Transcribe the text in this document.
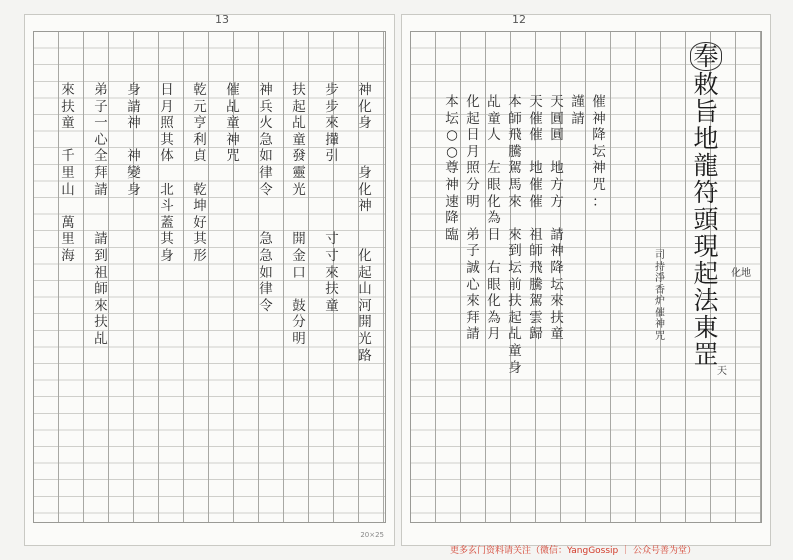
13
神
化
身

身
化
神

化
起
山
河
開
光
路
步
步
來
攆
引

寸
寸
來
扶
童
扶
起
乩
童
發
靈
光

開
金
口

鼓
分
明
神
兵
火
急
如
律
令

急
急
如
律
令
催
乩
童
神
咒
乾
元
亨
利
貞

乾
坤
好
其
形
日
月
照
其
体

北
斗
蓋
其
身
身
請
神

神
變
身
弟
子
一
心
全
拜
請

請
到
祖
師
來
扶
乩
來
扶
童

千
里
山

萬
里
海
20×25
12
奉
敕
旨
地
龍
符
頭
現
起
法
東
罡
司
持
淨
香
炉
催
神
咒
化地
天
催
神
降
坛
神
咒
：
謹
請
天
圓
圓

地
方
方

請
神
降
坛
來
扶
童
天
催
催

地
催
催

祖
師
飛
騰
駕
雲
歸
本
師
飛
騰
駕
馬
來

來
到
坛
前
扶
起
乩
童
身
乩
童
人

左
眼
化
為
日

右
眼
化
為
月
化
起
日
月
照
分
明

弟
子
誠
心
來
拜
請
本
坛
○
○
尊
神
速
降
臨
更多玄门资料请关注（微信：YangGossip ｜ 公众号善为堂）
